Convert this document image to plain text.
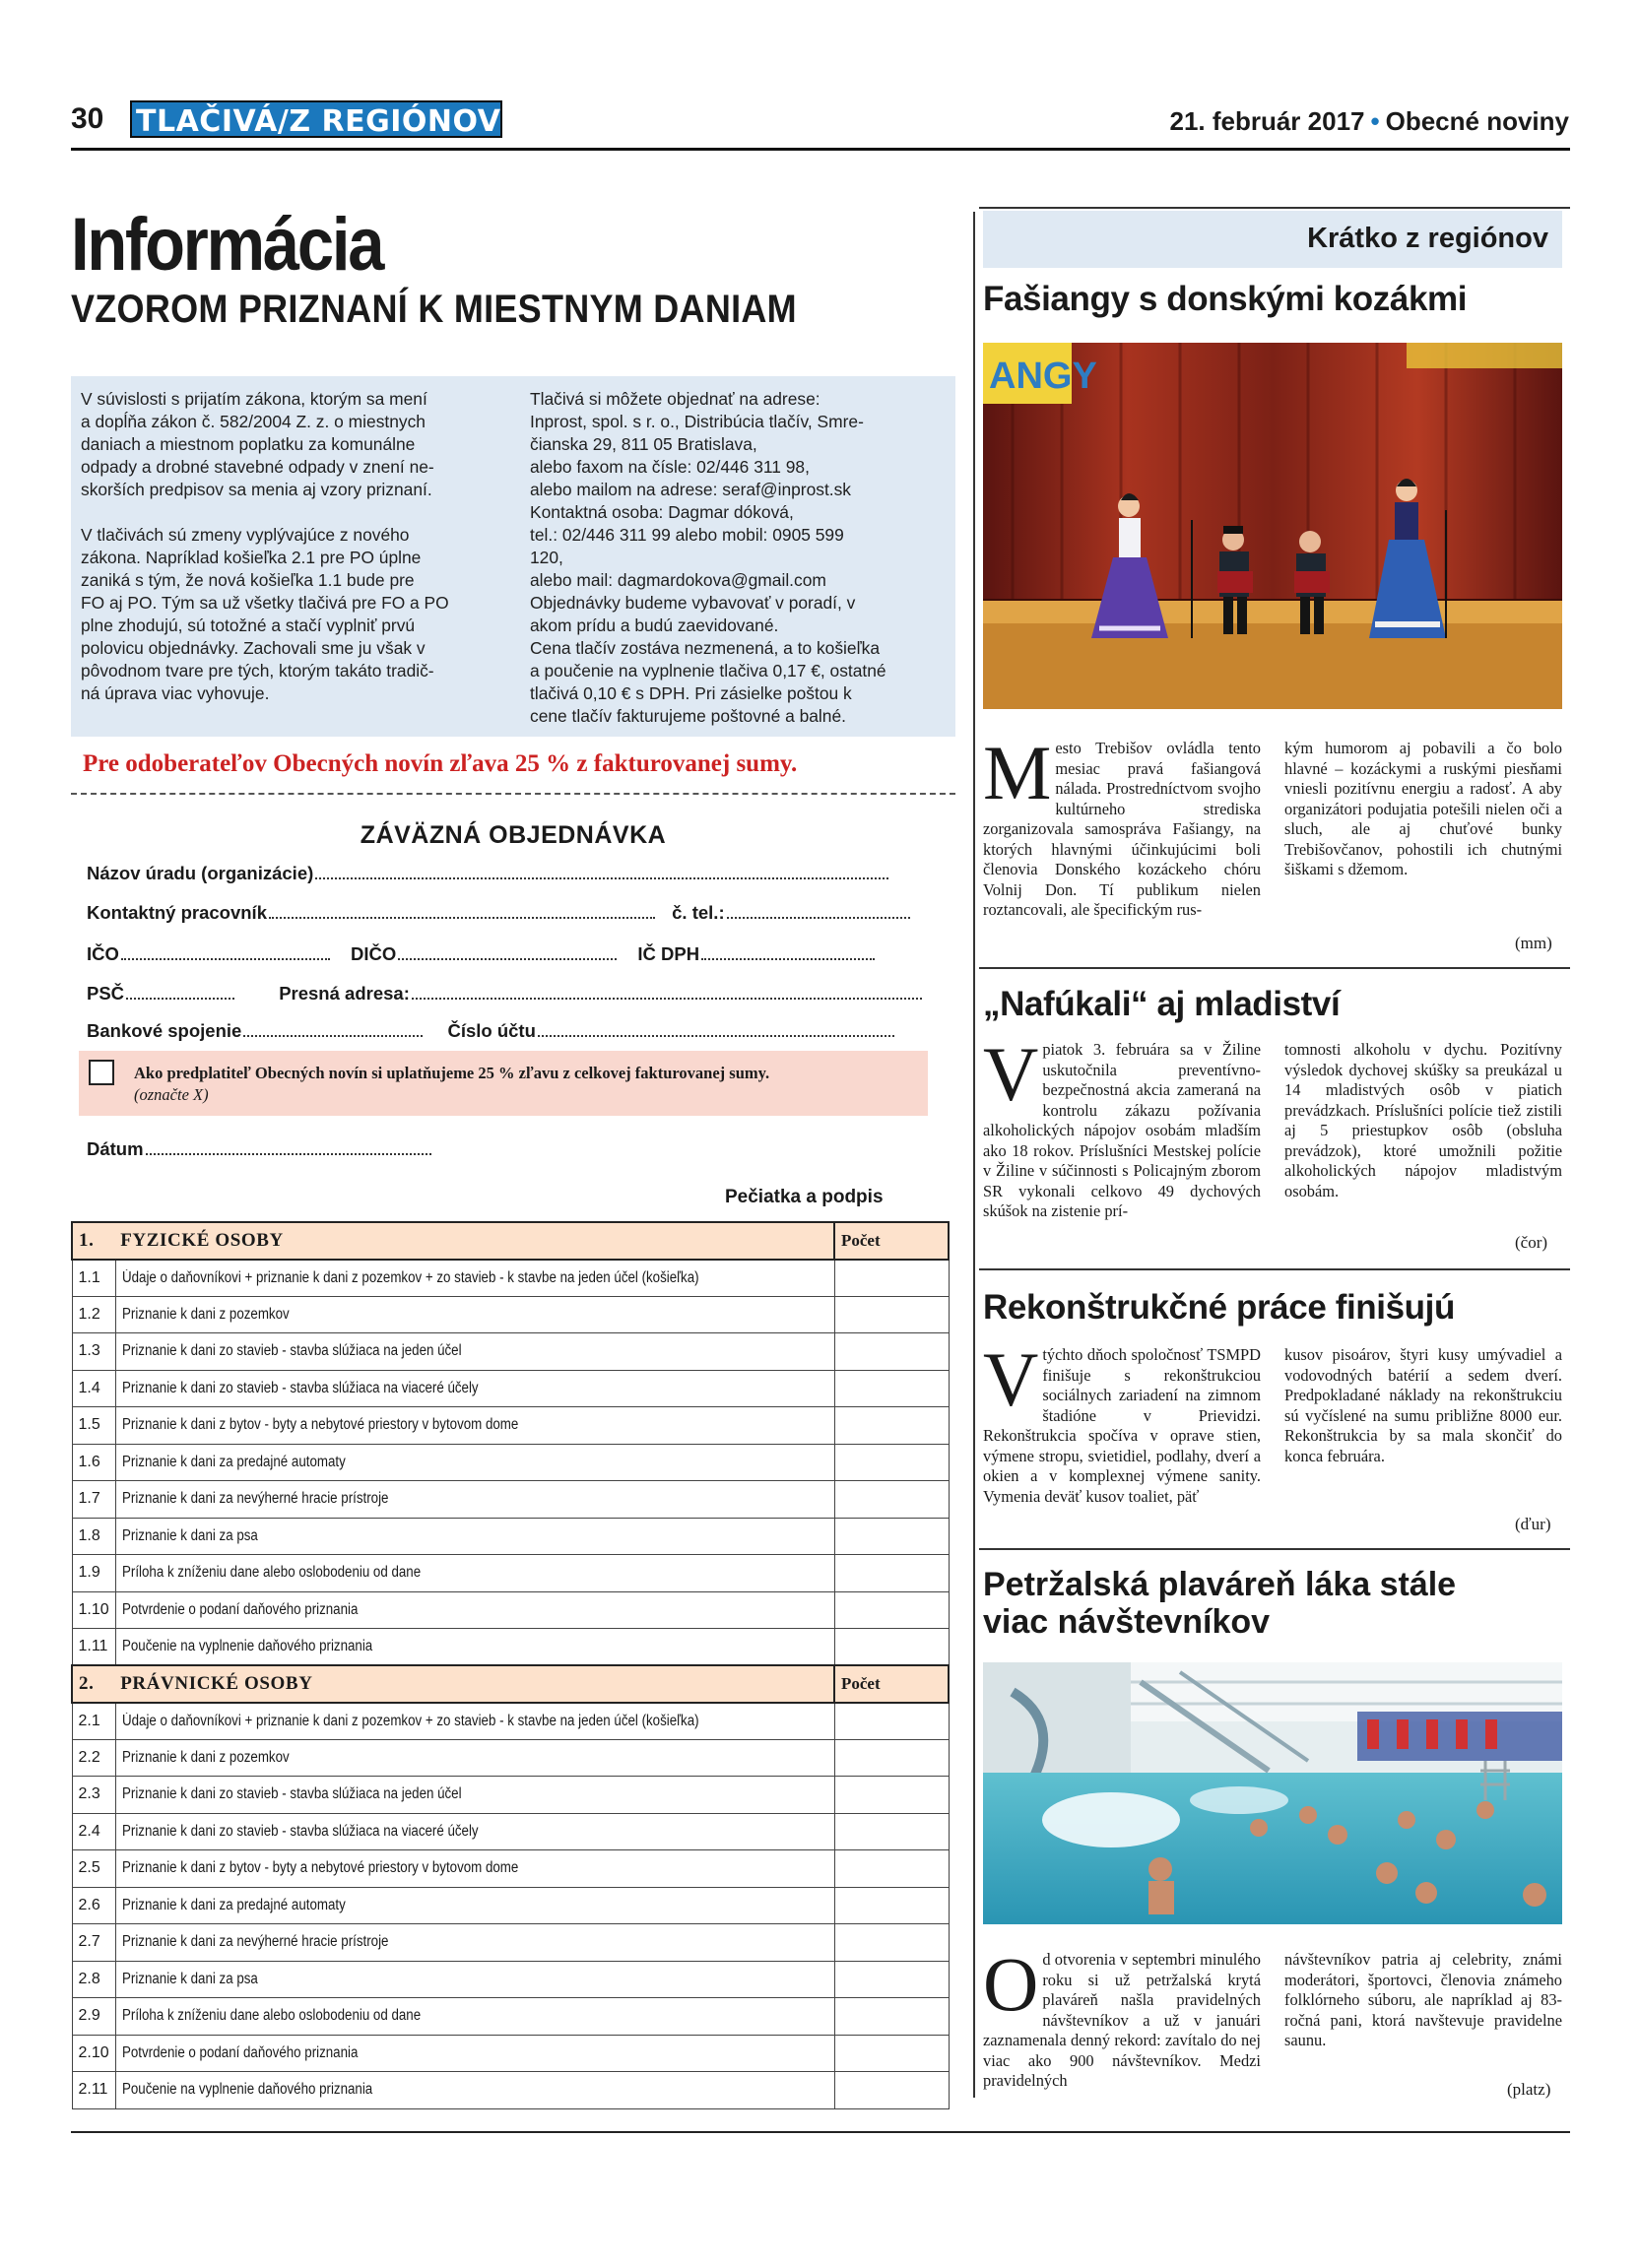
30 TLAČIVÁ/Z REGIÓNOV	21. február 2017 • Obecné noviny
Informácia
VZOROM PRIZNANÍ K MIESTNYM DANIAM

V súvislosti s prijatím zákona, ktorým sa mení
a dopĺňa zákon č. 582/2004 Z. z. o miestnych
daniach a miestnom poplatku za komunálne
odpady a drobné stavebné odpady v znení ne-
skorších predpisov sa menia aj vzory priznaní.

V tlačivách sú zmeny vyplývajúce z nového
zákona. Napríklad košieľka 2.1 pre PO úplne
zaniká s tým, že nová košieľka 1.1 bude pre
FO aj PO. Tým sa už všetky tlačivá pre FO a PO
plne zhodujú, sú totožné a stačí vyplniť prvú
polovicu objednávky. Zachovali sme ju však v
pôvodnom tvare pre tých, ktorým takáto tradič-
ná úprava viac vyhovuje.

Tlačivá si môžete objednať na adrese:
Inprost, spol. s r. o., Distribúcia tlačív, Smre-
čianska 29, 811 05 Bratislava,
alebo faxom na čísle: 02/446 311 98,
alebo mailom na adrese: seraf@inprost.sk
Kontaktná osoba: Dagmar dóková,
tel.: 02/446 311 99 alebo mobil: 0905 599
120,
alebo mail: dagmardokova@gmail.com
Objednávky budeme vybavovať v poradí, v
akom prídu a budú zaevidované.
Cena tlačív zostáva nezmenená, a to košieľka
a poučenie na vyplnenie tlačiva 0,17 €, ostatné
tlačivá 0,10 € s DPH. Pri zásielke poštou k
cene tlačív fakturujeme poštovné a balné.
Pre odoberateľov Obecných novín zľava 25 % z fakturovanej sumy.
ZÁVÄZNÁ OBJEDNÁVKA
Názov úradu (organizácie)
Kontaktný pracovník	č. tel.:
IČO	DIČO	IČ DPH
PSČ	Presná adresa:
Bankové spojenie	Číslo účtu
Ako predplatiteľ Obecných novín si uplatňujeme 25 % zľavu z celkovej fakturovanej sumy.
(označte X)
Dátum
Pečiatka a podpis
1. FYZICKÉ OSOBY		Počet
1.1	Údaje o daňovníkovi + priznanie k dani z pozemkov + zo stavieb - k stavbe na jeden účel (košieľka)	
1.2	Priznanie k dani z pozemkov	
1.3	Priznanie k dani zo stavieb - stavba slúžiaca na jeden účel	
1.4	Priznanie k dani zo stavieb - stavba slúžiaca na viaceré účely	
1.5	Priznanie k dani z bytov - byty a nebytové priestory v bytovom dome	
1.6	Priznanie k dani za predajné automaty	
1.7	Priznanie k dani za nevýherné hracie prístroje	
1.8	Priznanie k dani za psa	
1.9	Príloha k zníženiu dane alebo oslobodeniu od dane	
1.10	Potvrdenie o podaní daňového priznania	
1.11	Poučenie na vyplnenie daňového priznania	
2. PRÁVNICKÉ OSOBY		Počet
2.1	Údaje o daňovníkovi + priznanie k dani z pozemkov + zo stavieb - k stavbe na jeden účel (košieľka)	
2.2	Priznanie k dani z pozemkov	
2.3	Priznanie k dani zo stavieb - stavba slúžiaca na jeden účel	
2.4	Priznanie k dani zo stavieb - stavba slúžiaca na viaceré účely	
2.5	Priznanie k dani z bytov - byty a nebytové priestory v bytovom dome	
2.6	Priznanie k dani za predajné automaty	
2.7	Priznanie k dani za nevýherné hracie prístroje	
2.8	Priznanie k dani za psa	
2.9	Príloha k zníženiu dane alebo oslobodeniu od dane	
2.10	Potvrdenie o podaní daňového priznania	
2.11	Poučenie na vyplnenie daňového priznania	
Krátko z regiónov
Fašiangy s donskými kozákmi
ANGY
Mesto Trebišov ovládla tento mesiac pravá fašiangová nálada. Prostredníctvom svojho kultúrneho strediska zorganizovala samospráva Fašiangy, na ktorých hlavnými účinkujúcimi boli členovia Donského kozáckeho chóru Volnij Don. Tí publikum nielen roztancovali, ale špecifickým rus-
kým humorom aj pobavili a čo bolo hlavné – kozáckymi a ruskými piesňami vniesli pozitívnu energiu a radosť. A aby organizátori podujatia potešili nielen oči a sluch, ale aj chuťové bunky Trebišovčanov, pohostili ich chutnými šiškami s džemom.
(mm)
„Nafúkali“ aj mladiství
Vpiatok 3. februára sa v Žiline uskutočnila preventívno-bezpečnostná akcia zameraná na kontrolu zákazu požívania alkoholických nápojov osobám mladším ako 18 rokov. Príslušníci Mestskej polície v Žiline v súčinnosti s Policajným zborom SR vykonali celkovo 49 dychových skúšok na zistenie prí-
tomnosti alkoholu v dychu. Pozitívny výsledok dychovej skúšky sa preukázal u 14 mladistvých osôb v piatich prevádzkach. Príslušníci polície tiež zistili aj 5 priestupkov osôb (obsluha prevádzok), ktoré umožnili požitie alkoholických nápojov mladistvým osobám.
(čor)
Rekonštrukčné práce finišujú
Vtýchto dňoch spoločnosť TSMPD finišuje s rekonštrukciou sociálnych zariadení na zimnom štadióne v Prievidzi. Rekonštrukcia spočíva v oprave stien, výmene stropu, svietidiel, podlahy, dverí a okien a v komplexnej výmene sanity. Vymenia deväť kusov toaliet, päť
kusov pisoárov, štyri kusy umývadiel a vodovodných batérií a sedem dverí. Predpokladané náklady na rekonštrukciu sú vyčíslené na sumu približne 8000 eur. Rekonštrukcia by sa mala skončiť do konca februára.
(ďur)
Petržalská plaváreň láka stále
viac návštevníkov
Od otvorenia v septembri minulého roku si už petržalská krytá plaváreň našla pravidelných návštevníkov a už v januári zaznamenala denný rekord: zavítalo do nej viac ako 900 návštevníkov. Medzi pravidelných
návštevníkov patria aj celebrity, známi moderátori, športovci, členovia známeho folklórneho súboru, ale napríklad aj 83-ročná pani, ktorá navštevuje pravidelne saunu.
(platz)
